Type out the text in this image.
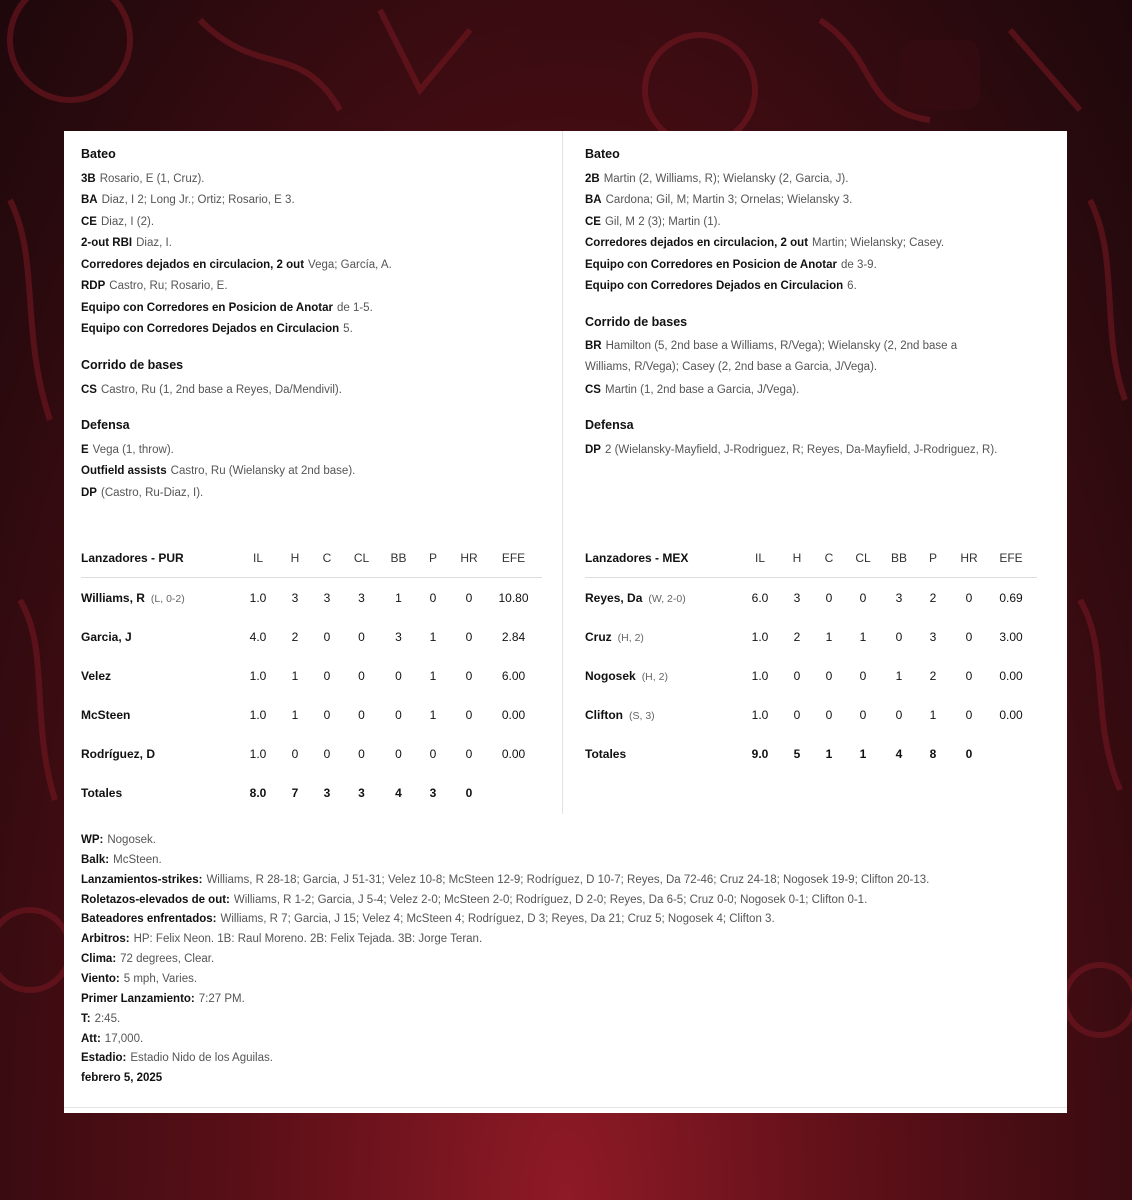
Bateo
3B Rosario, E (1, Cruz).
BA Diaz, I 2; Long Jr.; Ortiz; Rosario, E 3.
CE Diaz, I (2).
2-out RBI Diaz, I.
Corredores dejados en circulacion, 2 out Vega; García, A.
RDP Castro, Ru; Rosario, E.
Equipo con Corredores en Posicion de Anotar de 1-5.
Equipo con Corredores Dejados en Circulacion 5.
Corrido de bases
CS Castro, Ru (1, 2nd base a Reyes, Da/Mendivil).
Defensa
E Vega (1, throw).
Outfield assists Castro, Ru (Wielansky at 2nd base).
DP (Castro, Ru-Diaz, I).
Lanzadores - PUR	IL	H	C	CL	BB	P	HR	EFE
Williams, R (L, 0-2)	1.0	3	3	3	1	0	0	10.80
Garcia, J	4.0	2	0	0	3	1	0	2.84
Velez	1.0	1	0	0	0	1	0	6.00
McSteen	1.0	1	0	0	0	1	0	0.00
Rodríguez, D	1.0	0	0	0	0	0	0	0.00
Totales	8.0	7	3	3	4	3	0	
Bateo
2B Martin (2, Williams, R); Wielansky (2, Garcia, J).
BA Cardona; Gil, M; Martin 3; Ornelas; Wielansky 3.
CE Gil, M 2 (3); Martin (1).
Corredores dejados en circulacion, 2 out Martin; Wielansky; Casey.
Equipo con Corredores en Posicion de Anotar de 3-9.
Equipo con Corredores Dejados en Circulacion 6.
Corrido de bases
BR Hamilton (5, 2nd base a Williams, R/Vega); Wielansky (2, 2nd base a Williams, R/Vega); Casey (2, 2nd base a Garcia, J/Vega).
CS Martin (1, 2nd base a Garcia, J/Vega).
Defensa
DP 2 (Wielansky-Mayfield, J-Rodriguez, R; Reyes, Da-Mayfield, J-Rodriguez, R).
Lanzadores - MEX	IL	H	C	CL	BB	P	HR	EFE
Reyes, Da (W, 2-0)	6.0	3	0	0	3	2	0	0.69
Cruz (H, 2)	1.0	2	1	1	0	3	0	3.00
Nogosek (H, 2)	1.0	0	0	0	1	2	0	0.00
Clifton (S, 3)	1.0	0	0	0	0	1	0	0.00
Totales	9.0	5	1	1	4	8	0	
WP: Nogosek.
Balk: McSteen.
Lanzamientos-strikes: Williams, R 28-18; Garcia, J 51-31; Velez 10-8; McSteen 12-9; Rodríguez, D 10-7; Reyes, Da 72-46; Cruz 24-18; Nogosek 19-9; Clifton 20-13.
Roletazos-elevados de out: Williams, R 1-2; Garcia, J 5-4; Velez 2-0; McSteen 2-0; Rodríguez, D 2-0; Reyes, Da 6-5; Cruz 0-0; Nogosek 0-1; Clifton 0-1.
Bateadores enfrentados: Williams, R 7; Garcia, J 15; Velez 4; McSteen 4; Rodríguez, D 3; Reyes, Da 21; Cruz 5; Nogosek 4; Clifton 3.
Arbitros: HP: Felix Neon. 1B: Raul Moreno. 2B: Felix Tejada. 3B: Jorge Teran.
Clima: 72 degrees, Clear.
Viento: 5 mph, Varies.
Primer Lanzamiento: 7:27 PM.
T: 2:45.
Att: 17,000.
Estadio: Estadio Nido de los Aguilas.
febrero 5, 2025
